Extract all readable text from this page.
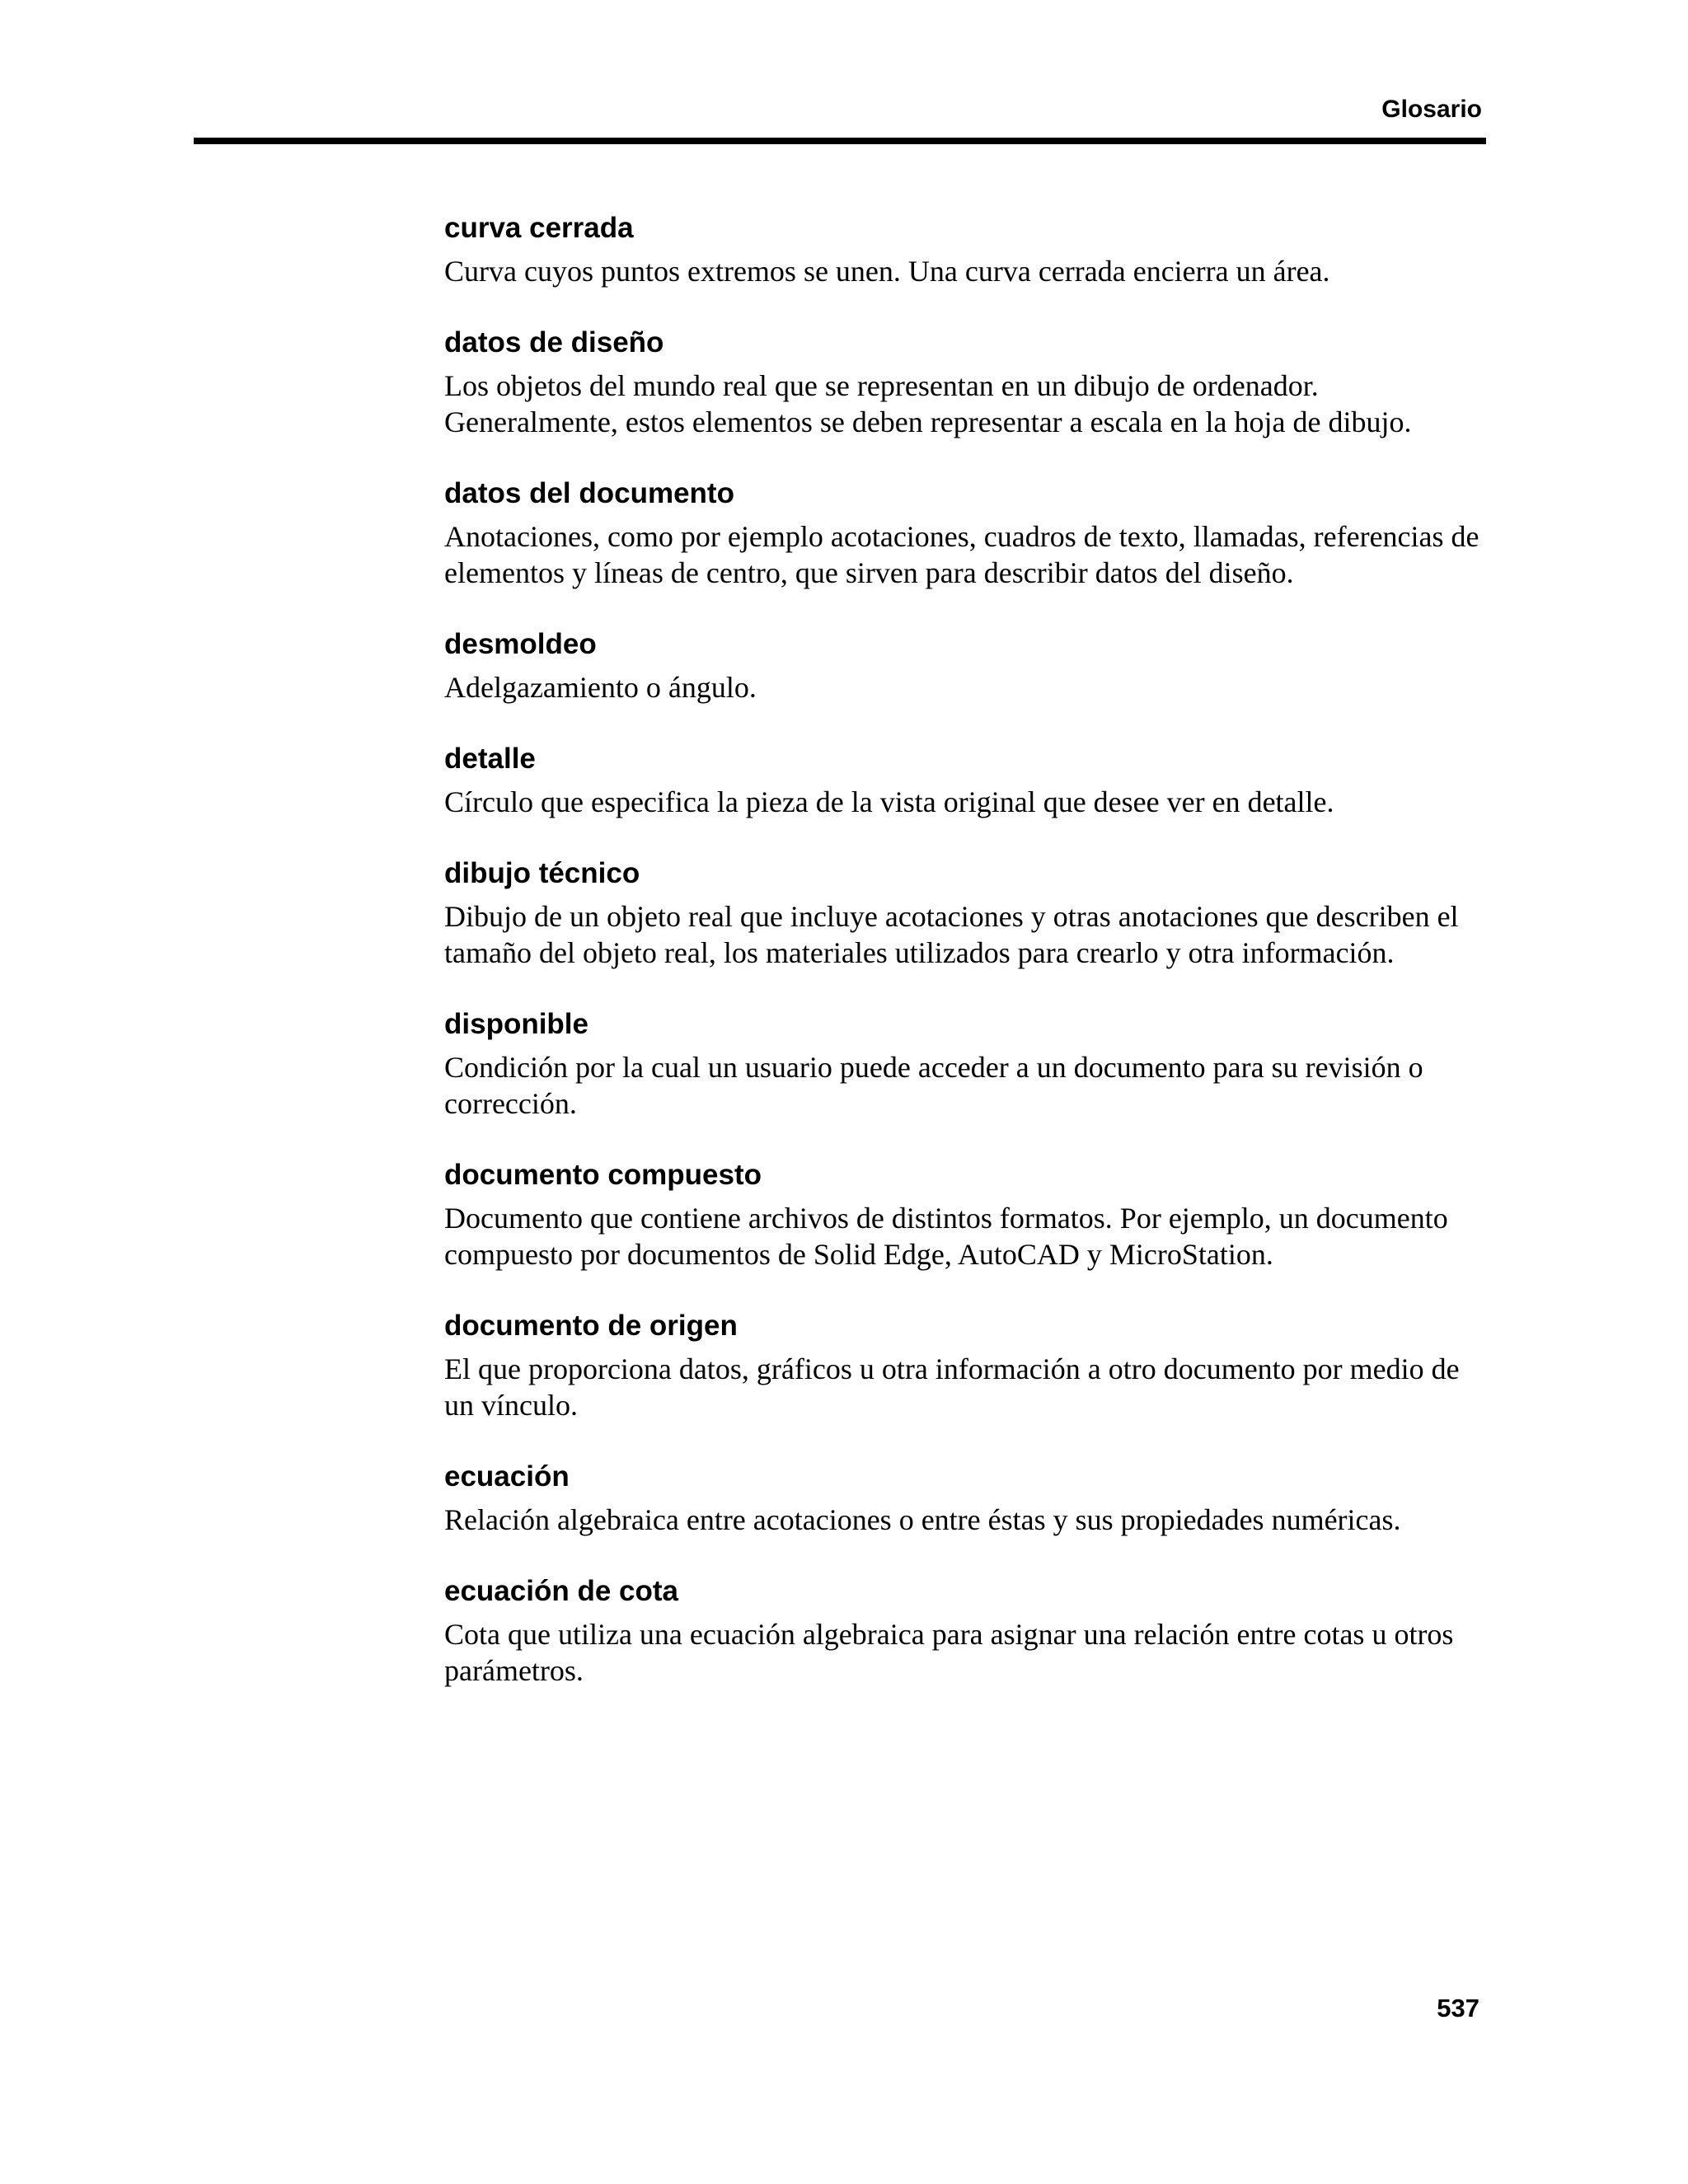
Glosario
curva cerrada

Curva cuyos puntos extremos se unen. Una curva cerrada encierra un área.

datos de diseño

Los objetos del mundo real que se representan en un dibujo de ordenador. Generalmente, estos elementos se deben representar a escala en la hoja de dibujo.

datos del documento

Anotaciones, como por ejemplo acotaciones, cuadros de texto, llamadas, referencias de elementos y líneas de centro, que sirven para describir datos del diseño.

desmoldeo

Adelgazamiento o ángulo.

detalle

Círculo que especifica la pieza de la vista original que desee ver en detalle.

dibujo técnico

Dibujo de un objeto real que incluye acotaciones y otras anotaciones que describen el tamaño del objeto real, los materiales utilizados para crearlo y otra información.

disponible

Condición por la cual un usuario puede acceder a un documento para su revisión o corrección.

documento compuesto

Documento que contiene archivos de distintos formatos. Por ejemplo, un documento compuesto por documentos de Solid Edge, AutoCAD y MicroStation.

documento de origen

El que proporciona datos, gráficos u otra información a otro documento por medio de un vínculo.

ecuación

Relación algebraica entre acotaciones o entre éstas y sus propiedades numéricas.

ecuación de cota

Cota que utiliza una ecuación algebraica para asignar una relación entre cotas u otros parámetros.

537
